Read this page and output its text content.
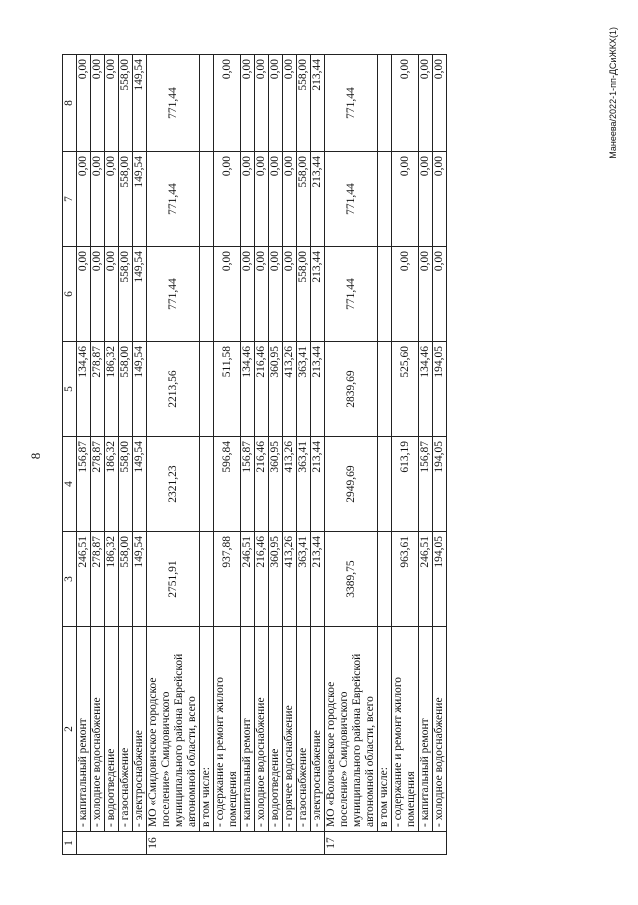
8
1	2	3	4	5	6	7	8
	- капитальный ремонт	246,51	156,87	134,46	0,00	0,00	0,00
	- холодное водоснабжение	278,87	278,87	278,87	0,00	0,00	0,00
	- водоотведение	186,32	186,32	186,32	0,00	0,00	0,00
	- газоснабжение	558,00	558,00	558,00	558,00	558,00	558,00
	- электроснабжение	149,54	149,54	149,54	149,54	149,54	149,54
16	МО «Смидовичское городское поселение» Смидовичского муниципального района Еврейской автономной области, всего	2751,91	2321,23	2213,56	771,44	771,44	771,44
	в том числе:						
	- содержание и ремонт жилого помещения	937,88	596,84	511,58	0,00	0,00	0,00
	- капитальный ремонт	246,51	156,87	134,46	0,00	0,00	0,00
	- холодное водоснабжение	216,46	216,46	216,46	0,00	0,00	0,00
	- водоотведение	360,95	360,95	360,95	0,00	0,00	0,00
	- горячее водоснабжение	413,26	413,26	413,26	0,00	0,00	0,00
	- газоснабжение	363,41	363,41	363,41	558,00	558,00	558,00
	- электроснабжение	213,44	213,44	213,44	213,44	213,44	213,44
17	МО «Волочаевское городское поселение» Смидовичского муниципального района Еврейской автономной области, всего	3389,75	2949,69	2839,69	771,44	771,44	771,44
	в том числе:						
	- содержание и ремонт жилого помещения	963,61	613,19	525,60	0,00	0,00	0,00
	- капитальный ремонт	246,51	156,87	134,46	0,00	0,00	0,00
	- холодное водоснабжение	194,05	194,05	194,05	0,00	0,00	0,00	Манеева/2022-1-пп-ДСиЖКХ(1)
